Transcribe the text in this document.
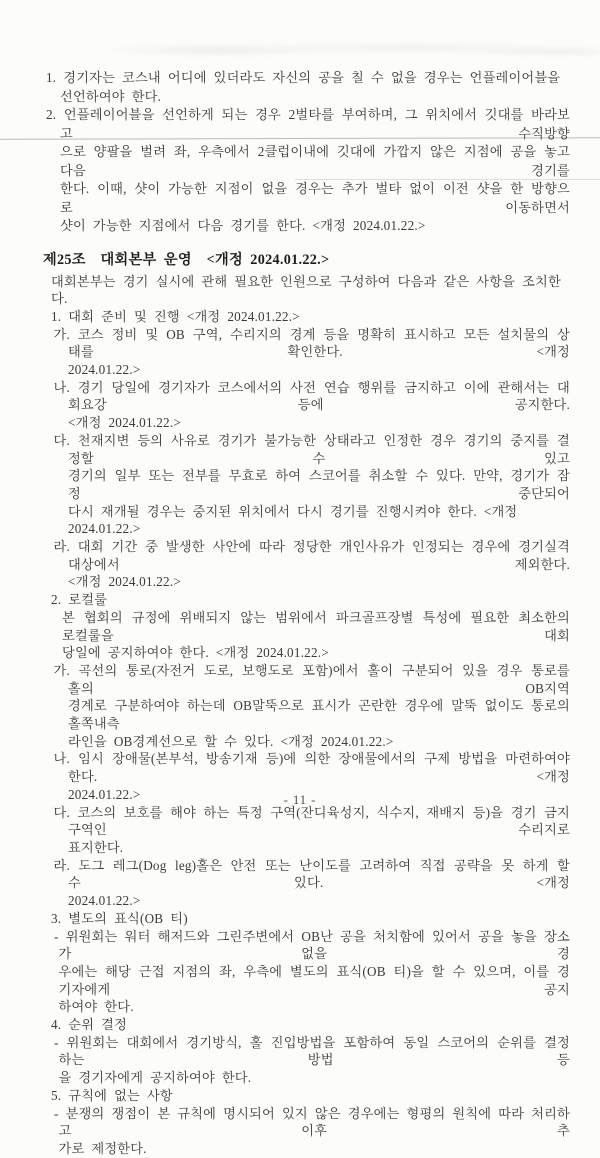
1. 경기자는 코스내 어디에 있더라도 자신의 공을 칠 수 없을 경우는 언플레이어블을 선언하여야 한다.
2. 언플레이어블을 선언하게 되는 경우 2벌타를 부여하며, 그 위치에서 깃대를 바라보고 수직방향
으로 양팔을 벌려 좌, 우측에서 2클럽이내에 깃대에 가깝지 않은 지점에 공을 놓고 다음 경기를
한다. 이때, 샷이 가능한 지점이 없을 경우는 추가 벌타 없이 이전 샷을 한 방향으로 이동하면서
샷이 가능한 지점에서 다음 경기를 한다. <개정 2024.01.22.>
제25조  대회본부 운영  <개정 2024.01.22.>
대회본부는 경기 실시에 관해 필요한 인원으로 구성하여 다음과 같은 사항을 조치한다.
1. 대회 준비 및 진행 <개정 2024.01.22.>
가. 코스 정비 및 OB 구역, 수리지의 경계 등을 명확히 표시하고 모든 설치물의 상태를 확인한다. <개정
2024.01.22.>
나. 경기 당일에 경기자가 코스에서의 사전 연습 행위를 금지하고 이에 관해서는 대회요강 등에 공지한다.
<개정 2024.01.22.>
다. 천재지변 등의 사유로 경기가 불가능한 상태라고 인정한 경우 경기의 중지를 결정할 수 있고
경기의 일부 또는 전부를 무효로 하여 스코어를 취소할 수 있다. 만약, 경기가 잠정 중단되어
다시 재개될 경우는 중지된 위치에서 다시 경기를 진행시켜야 한다. <개정 2024.01.22.>
라. 대회 기간 중 발생한 사안에 따라 정당한 개인사유가 인정되는 경우에 경기실격 대상에서 제외한다.
<개정 2024.01.22.>
2. 로컬룰
본 협회의 규정에 위배되지 않는 범위에서 파크골프장별 특성에 필요한 최소한의 로컬룰을 대회
당일에 공지하여야 한다. <개정 2024.01.22.>
가. 곡선의 통로(자전거 도로, 보행도로 포함)에서 홀이 구분되어 있을 경우 통로를 홀의 OB지역
경계로 구분하여야 하는데 OB말뚝으로 표시가 곤란한 경우에 말뚝 없이도 통로의 홀쪽내측
라인을 OB경계선으로 할 수 있다. <개정 2024.01.22.>
나. 임시 장애물(본부석, 방송기재 등)에 의한 장애물에서의 구제 방법을 마련하여야 한다. <개정
2024.01.22.>
다. 코스의 보호를 해야 하는 특정 구역(잔디육성지, 식수지, 재배지 등)을 경기 금지구역인 수리지로
표지한다.
라. 도그 레그(Dog leg)홀은 안전 또는 난이도를 고려하여 직접 공략을 못 하게 할 수 있다. <개정
2024.01.22.>
3. 별도의 표식(OB 티)
- 위원회는 워터 해저드와 그린주변에서 OB난 공을 처치함에 있어서 공을 놓을 장소가 없을 경
우에는 해당 근접 지점의 좌, 우측에 별도의 표식(OB 티)을 할 수 있으며, 이를 경기자에게 공지
하여야 한다.
4. 순위 결정
- 위원회는 대회에서 경기방식, 홀 진입방법을 포함하여 동일 스코어의 순위를 결정하는 방법 등
을 경기자에게 공지하여야 한다.
5. 규칙에 없는 사항
- 분쟁의 쟁점이 본 규칙에 명시되어 있지 않은 경우에는 형평의 원칙에 따라 처리하고 이후 추
가로 제정한다.
- 11 -
